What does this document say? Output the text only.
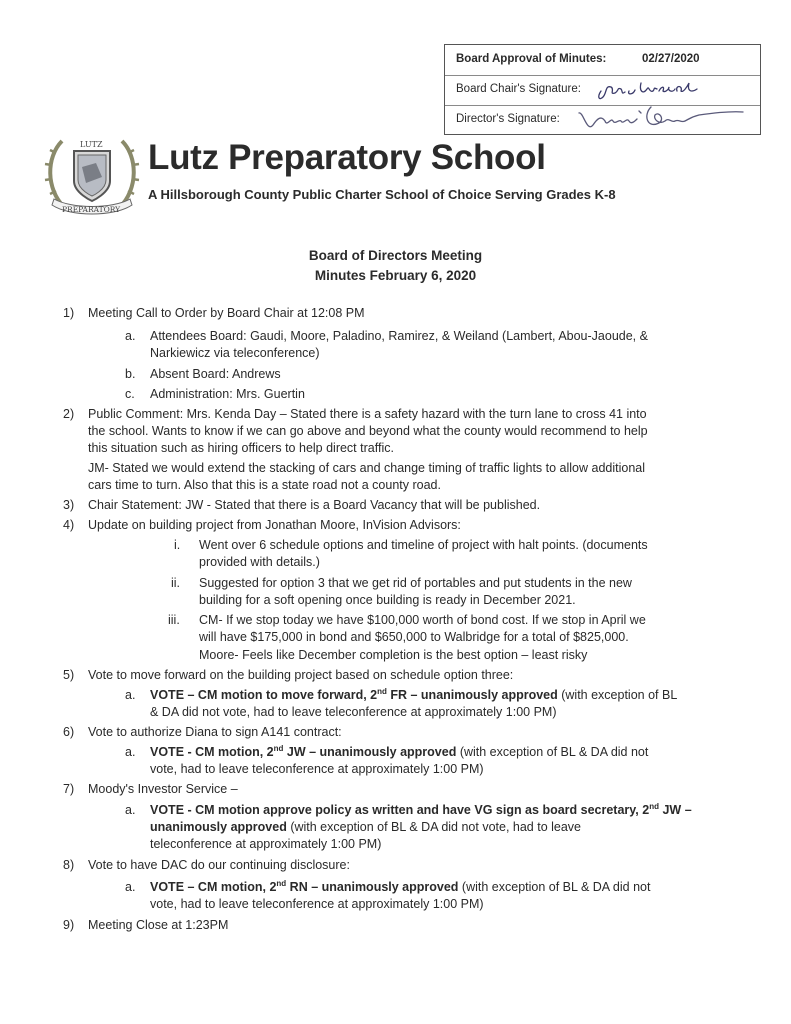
Board Approval of Minutes:	02/27/2020
Board Chair's Signature:
Director's Signature:
LUTZ
PREPARATORY
Lutz Preparatory School

A Hillsborough County Public Charter School of Choice Serving Grades K-8

Board of Directors Meeting

Minutes February 6, 2020

1) Meeting Call to Order by Board Chair at 12:08 PM
a. Attendees Board: Gaudi, Moore, Paladino, Ramirez, & Weiland (Lambert, Abou-Jaoude, &
Narkiewicz via teleconference)
b. Absent Board: Andrews
c. Administration: Mrs. Guertin
2) Public Comment: Mrs. Kenda Day – Stated there is a safety hazard with the turn lane to cross 41 into
the school. Wants to know if we can go above and beyond what the county would recommend to help
this situation such as hiring officers to help direct traffic.
JM- Stated we would extend the stacking of cars and change timing of traffic lights to allow additional
cars time to turn. Also that this is a state road not a county road.
3) Chair Statement: JW - Stated that there is a Board Vacancy that will be published.
4) Update on building project from Jonathan Moore, InVision Advisors:
i. Went over 6 schedule options and timeline of project with halt points. (documents
provided with details.)
ii. Suggested for option 3 that we get rid of portables and put students in the new
building for a soft opening once building is ready in December 2021.
iii. CM- If we stop today we have $100,000 worth of bond cost. If we stop in April we
will have $175,000 in bond and $650,000 to Walbridge for a total of $825,000.
Moore- Feels like December completion is the best option – least risky
5) Vote to move forward on the building project based on schedule option three:
a. VOTE – CM motion to move forward, 2nd FR – unanimously approved (with exception of BL
& DA did not vote, had to leave teleconference at approximately 1:00 PM)
6) Vote to authorize Diana to sign A141 contract:
a. VOTE - CM motion, 2nd JW – unanimously approved (with exception of BL & DA did not
vote, had to leave teleconference at approximately 1:00 PM)
7) Moody's Investor Service –
a. VOTE - CM motion approve policy as written and have VG sign as board secretary, 2nd JW –
unanimously approved (with exception of BL & DA did not vote, had to leave
teleconference at approximately 1:00 PM)
8) Vote to have DAC do our continuing disclosure:
a. VOTE – CM motion, 2nd RN – unanimously approved (with exception of BL & DA did not
vote, had to leave teleconference at approximately 1:00 PM)
9) Meeting Close at 1:23PM
